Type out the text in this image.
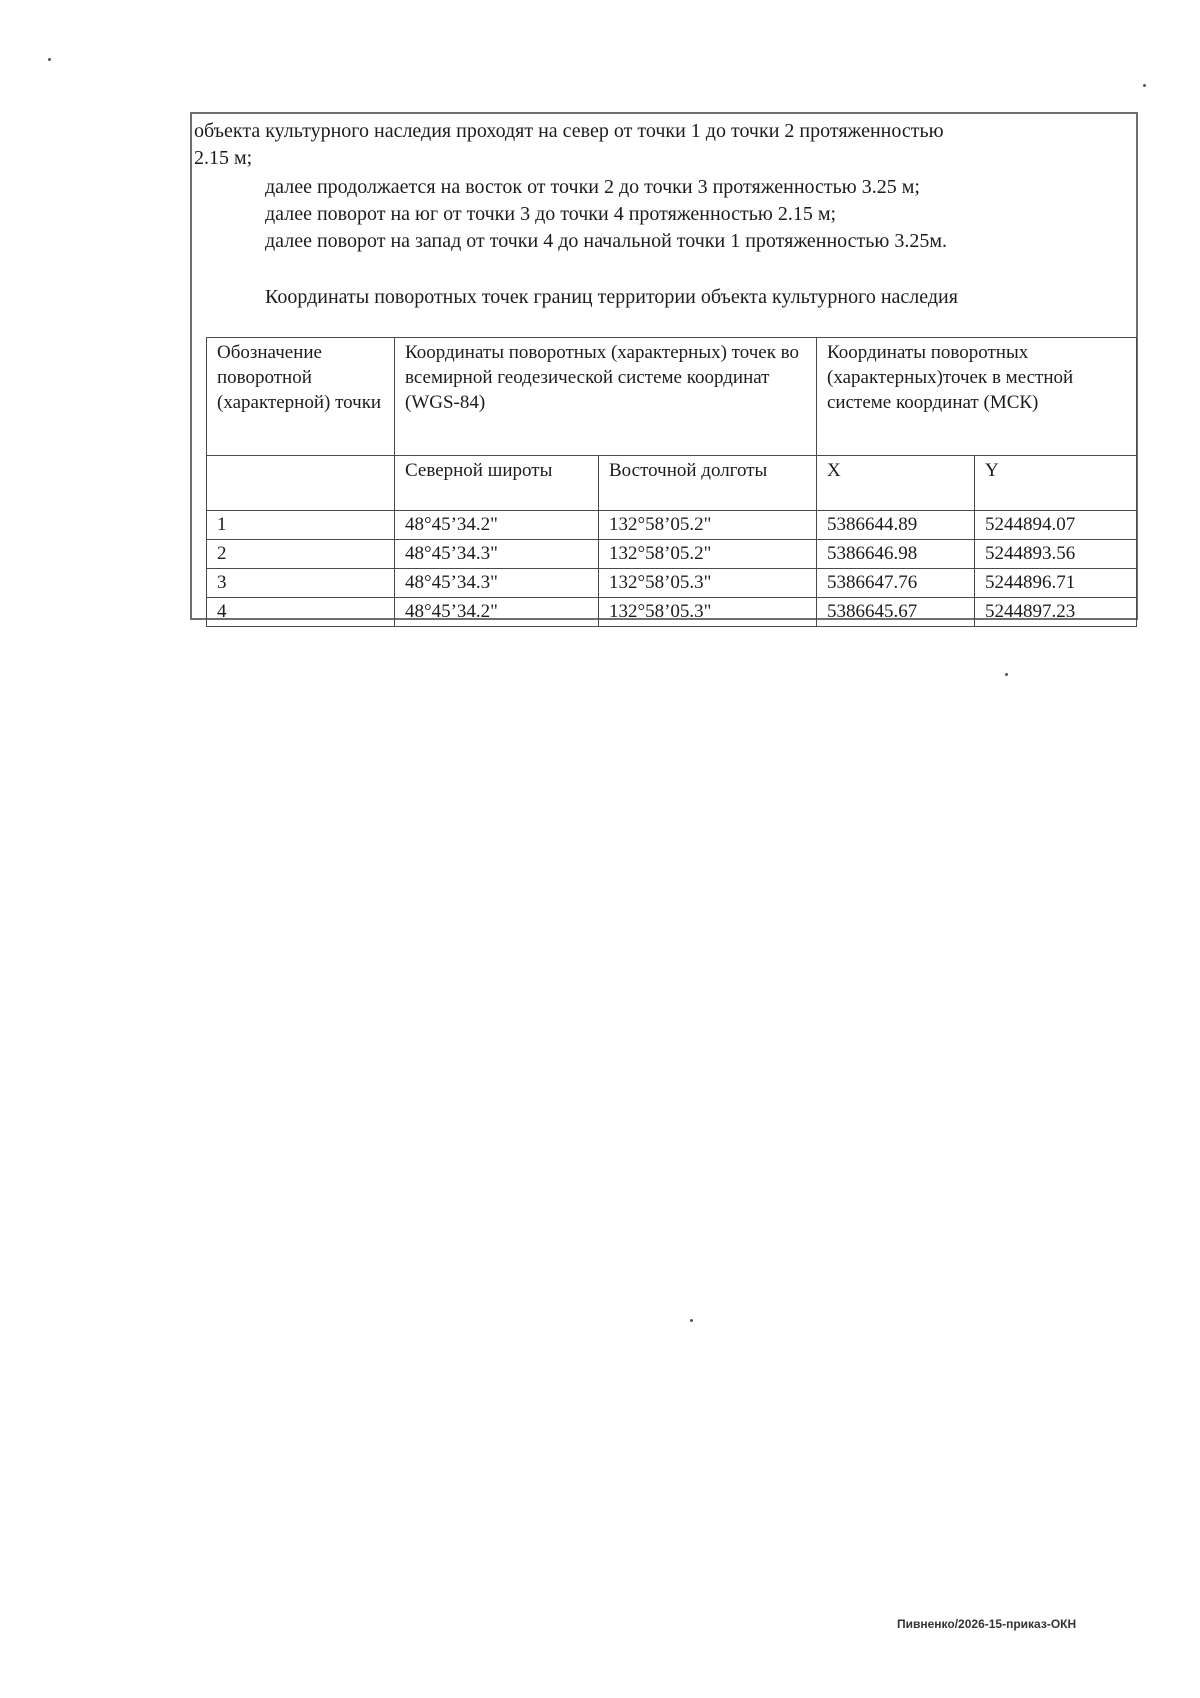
объекта культурного наследия проходят на север от точки 1 до точки 2 протяженностью
2.15 м;
далее продолжается на восток от точки 2 до точки 3 протяженностью 3.25 м;
далее поворот на юг от точки 3 до точки 4 протяженностью 2.15 м;
далее поворот на запад от точки 4 до начальной точки 1 протяженностью 3.25м.
Координаты поворотных точек границ территории объекта культурного наследия
Обозначение поворотной (характерной) точки	Координаты поворотных (характерных) точек во всемирной геодезической системе координат (WGS-84)		Координаты поворотных (характерных)точек в местной системе координат (МСК)	
	Северной широты	Восточной долготы	X	Y
1	48°45’34.2"	132°58’05.2"	5386644.89	5244894.07
2	48°45’34.3"	132°58’05.2"	5386646.98	5244893.56
3	48°45’34.3"	132°58’05.3"	5386647.76	5244896.71
4	48°45’34.2"	132°58’05.3"	5386645.67	5244897.23
Пивненко/2026-15-приказ-ОКН
